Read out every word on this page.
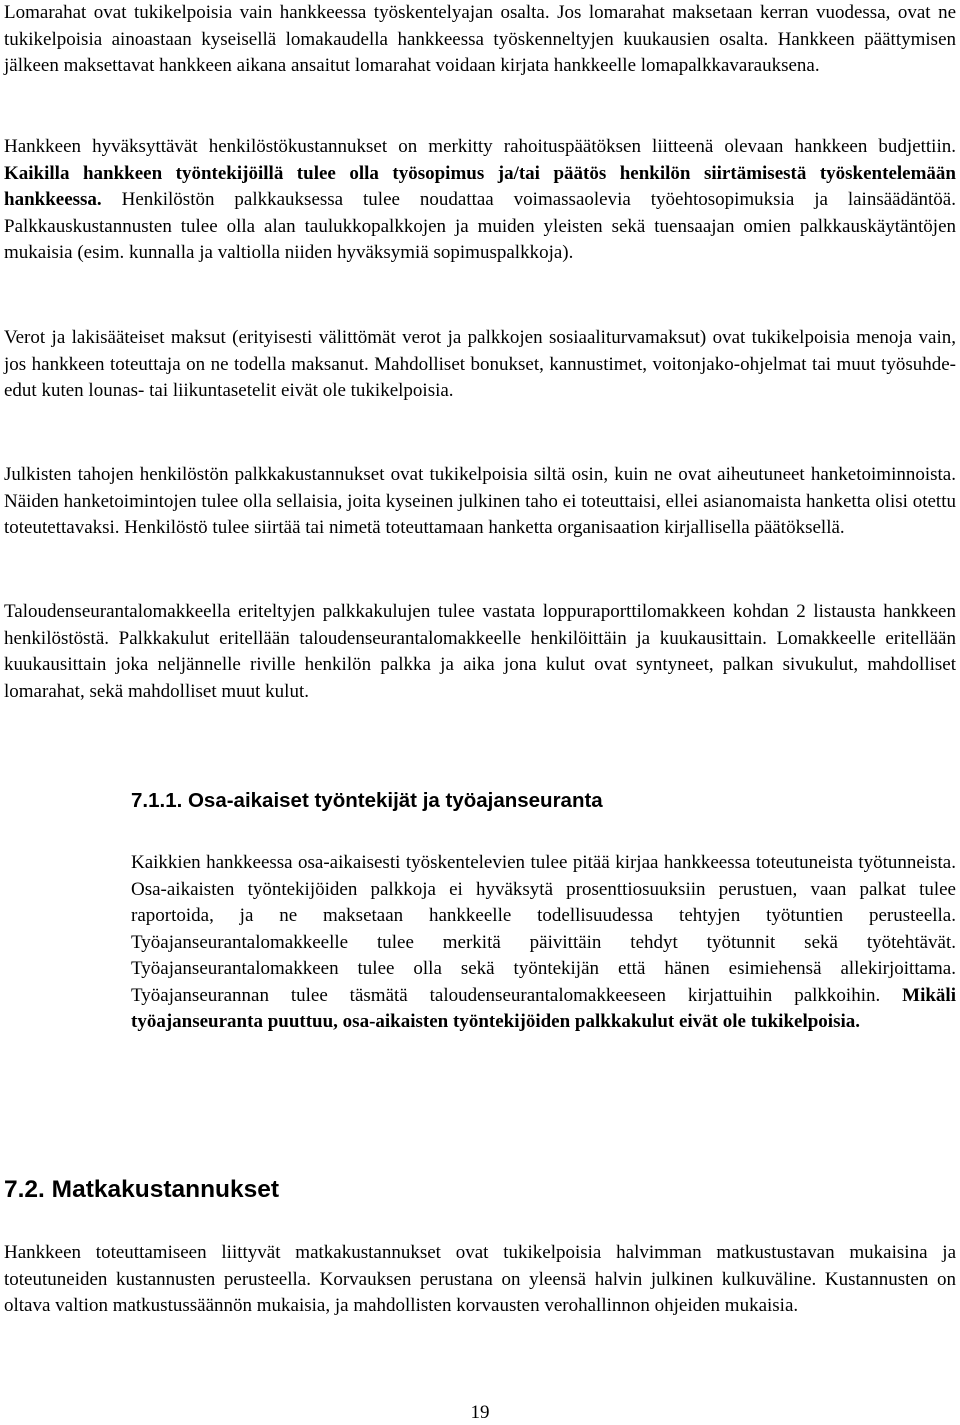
Lomarahat ovat tukikelpoisia vain hankkeessa työskentelyajan osalta. Jos lomarahat maksetaan kerran vuodessa, ovat ne tukikelpoisia ainoastaan kyseisellä lomakaudella hankkeessa työskenneltyjen kuukausien osalta. Hankkeen päättymisen jälkeen maksettavat hankkeen aikana ansaitut lomarahat voidaan kirjata hankkeelle lomapalkkavarauksena.

Hankkeen hyväksyttävät henkilöstökustannukset on merkitty rahoituspäätöksen liitteenä olevaan hankkeen budjettiin. Kaikilla hankkeen työntekijöillä tulee olla työsopimus ja/tai päätös henkilön siirtämisestä työskentelemään hankkeessa. Henkilöstön palkkauksessa tulee noudattaa voimassaolevia työehtosopimuksia ja lainsäädäntöä. Palkkauskustannusten tulee olla alan taulukkopalkkojen ja muiden yleisten sekä tuensaajan omien palkkauskäytäntöjen mukaisia (esim. kunnalla ja valtiolla niiden hyväksymiä sopimuspalkkoja).

Verot ja lakisääteiset maksut (erityisesti välittömät verot ja palkkojen sosiaaliturvamaksut) ovat tukikelpoisia menoja vain, jos hankkeen toteuttaja on ne todella maksanut. Mahdolliset bonukset, kannustimet, voitonjako-ohjelmat tai muut työsuhde-edut kuten lounas- tai liikuntasetelit eivät ole tukikelpoisia.

Julkisten tahojen henkilöstön palkkakustannukset ovat tukikelpoisia siltä osin, kuin ne ovat aiheutuneet hanketoiminnoista. Näiden hanketoimintojen tulee olla sellaisia, joita kyseinen julkinen taho ei toteuttaisi, ellei asianomaista hanketta olisi otettu toteutettavaksi. Henkilöstö tulee siirtää tai nimetä toteuttamaan hanketta organisaation kirjallisella päätöksellä.

Taloudenseurantalomakkeella eriteltyjen palkkakulujen tulee vastata loppuraporttilomakkeen kohdan 2 listausta hankkeen henkilöstöstä. Palkkakulut eritellään taloudenseurantalomakkeelle henkilöittäin ja kuukausittain. Lomakkeelle eritellään kuukausittain joka neljännelle riville henkilön palkka ja aika jona kulut ovat syntyneet, palkan sivukulut, mahdolliset lomarahat, sekä mahdolliset muut kulut.

7.1.1. Osa-aikaiset työntekijät ja työajanseuranta

Kaikkien hankkeessa osa-aikaisesti työskentelevien tulee pitää kirjaa hankkeessa toteutuneista työtunneista. Osa-aikaisten työntekijöiden palkkoja ei hyväksytä prosenttiosuuksiin perustuen, vaan palkat tulee raportoida, ja ne maksetaan hankkeelle todellisuudessa tehtyjen työtuntien perusteella. Työajanseurantalomakkeelle tulee merkitä päivittäin tehdyt työtunnit sekä työtehtävät. Työajanseurantalomakkeen tulee olla sekä työntekijän että hänen esimiehensä allekirjoittama. Työajanseurannan tulee täsmätä taloudenseurantalomakkeeseen kirjattuihin palkkoihin. Mikäli työajanseuranta puuttuu, osa-aikaisten työntekijöiden palkkakulut eivät ole tukikelpoisia.

7.2. Matkakustannukset

Hankkeen toteuttamiseen liittyvät matkakustannukset ovat tukikelpoisia halvimman matkustustavan mukaisina ja toteutuneiden kustannusten perusteella. Korvauksen perustana on yleensä halvin julkinen kulkuväline. Kustannusten on oltava valtion matkustussäännön mukaisia, ja mahdollisten korvausten verohallinnon ohjeiden mukaisia.

19
